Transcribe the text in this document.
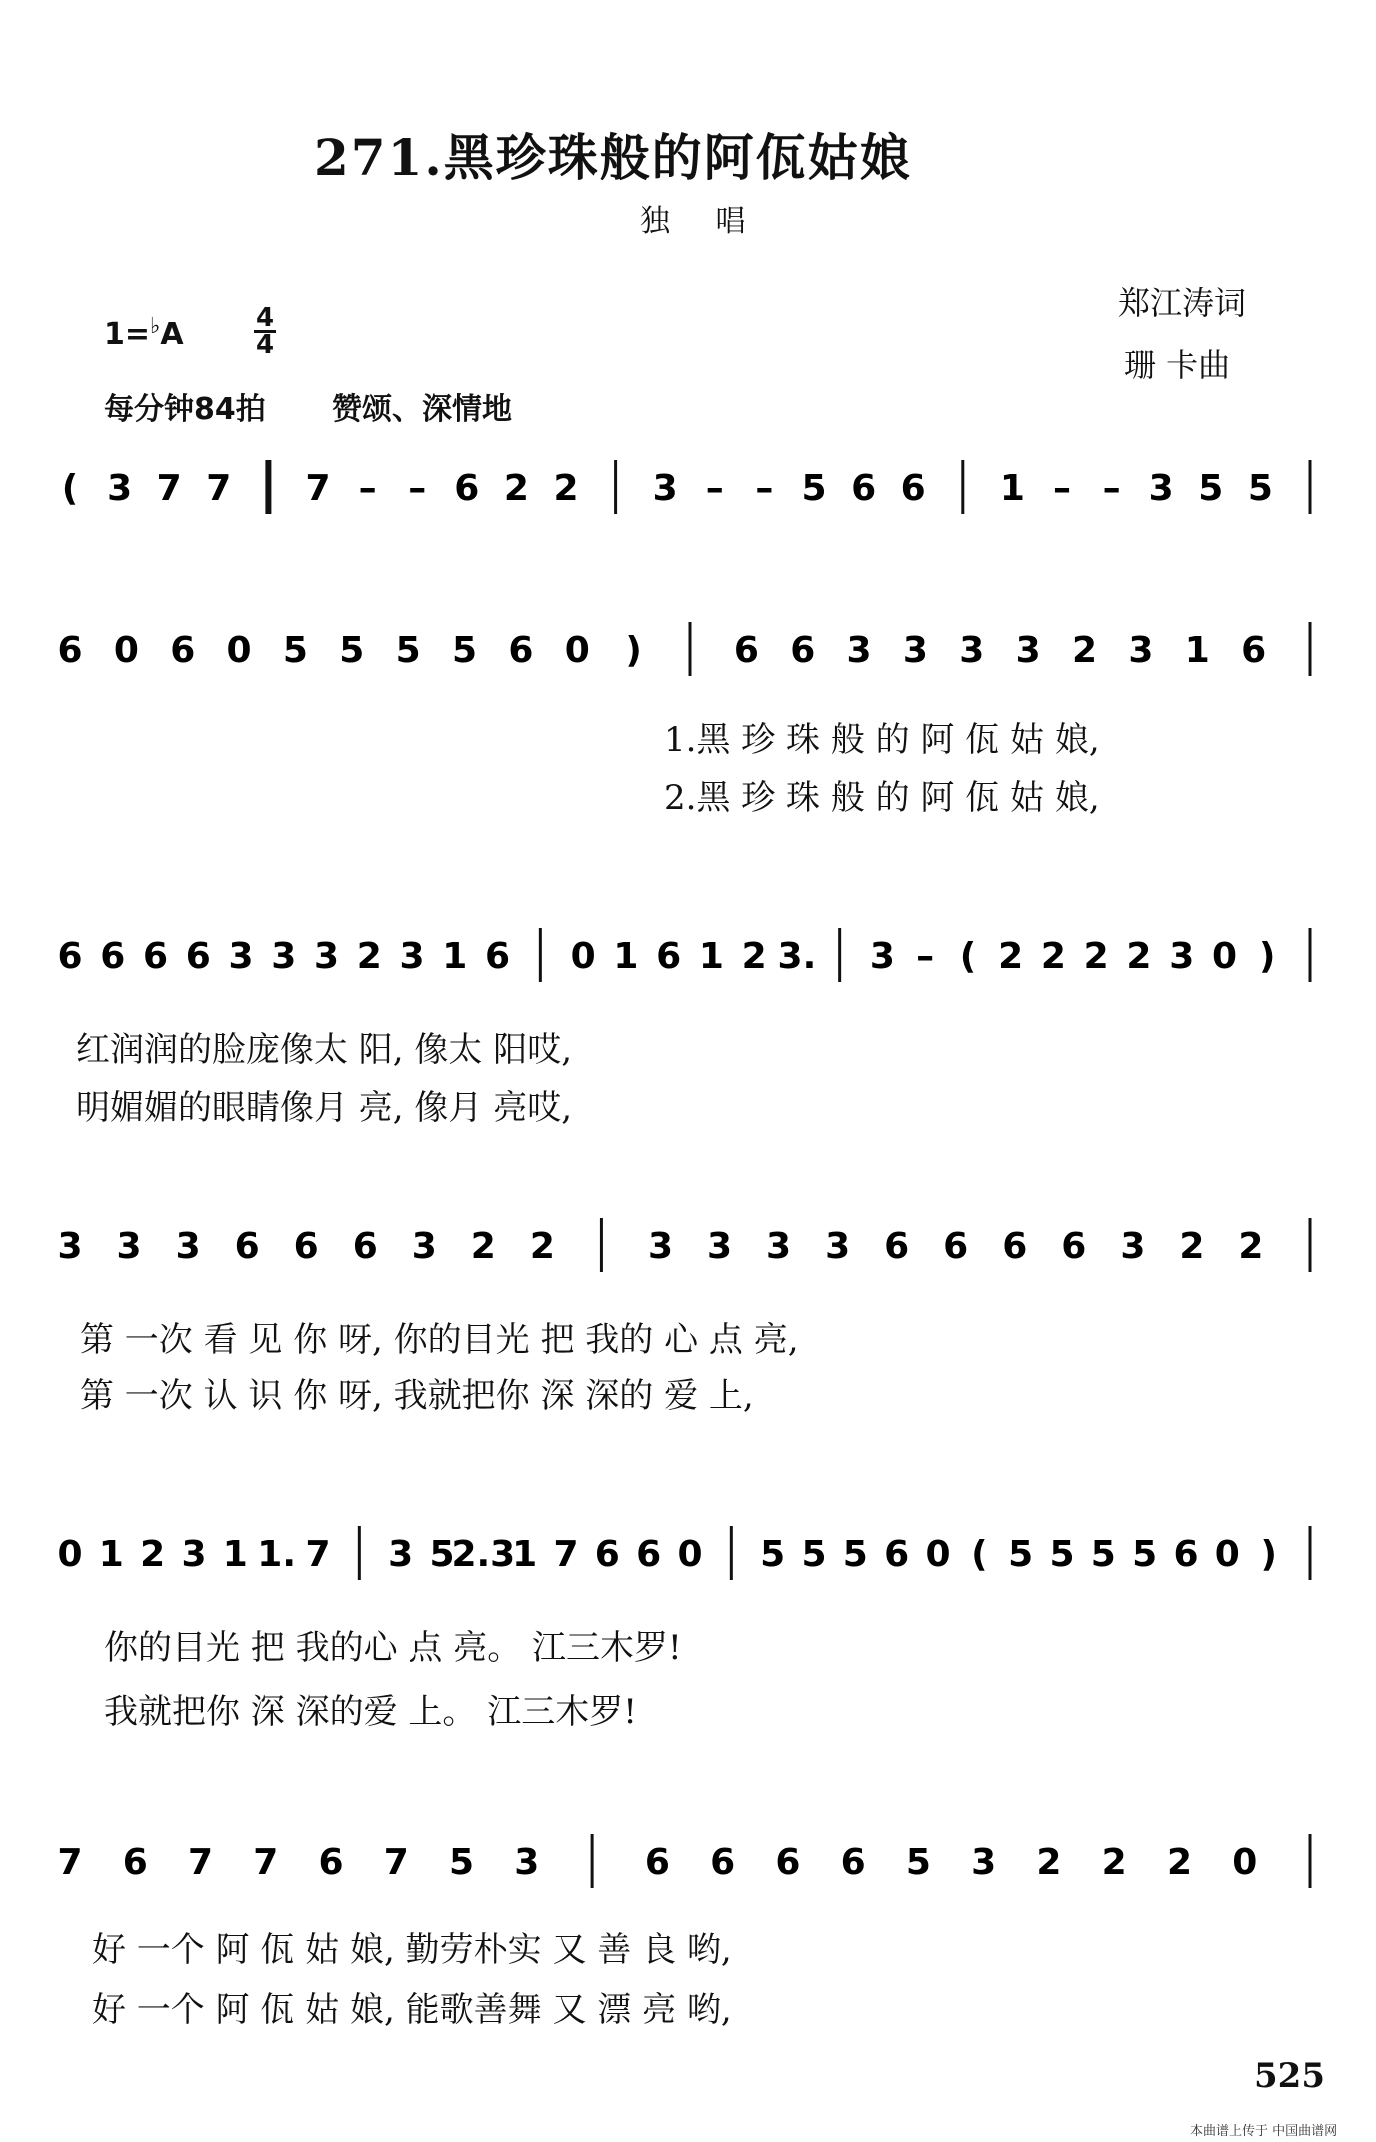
271.黑珍珠般的阿佤姑娘
独 唱
郑江涛词
珊 卡曲
1=♭A	4
4
每分钟84拍 赞颂、深情地
( 3 7 7 7 – – 6 2 2 3 – – 5 6 6 1 – – 3 5 5
6 0 6 0 5 5 5 5 6 0 )	6 6 3 3 3 3 2 3 1 6
6 6 6 6 3 3 3 2 3 1 6 0 1 6 1 2 3. 3 – ( 2 2 2 2 3 0 )
3 3 3 6 6 6 3 2 2	3 3 3 3 6 6 6 6 3 2 2
0 1 2 3 1 1. 7 3 5
2.3
1 7 6 6 0 5 5 5 6 0 ( 5 5 5 5 6 0 )
7 6 7 7 6 7 5 3	6 6 6 6 5 3 2 2 2 0
1.黑 珍 珠 般 的 阿 佤 姑 娘,
2.黑 珍 珠 般 的 阿 佤 姑 娘,
红润润的脸庞像太 阳, 像太 阳哎,
明媚媚的眼睛像月 亮, 像月 亮哎,
第 一次 看 见 你 呀, 你的目光 把 我的 心 点 亮,
第 一次 认 识 你 呀, 我就把你 深 深的 爱 上,
你的目光 把 我的心 点 亮。 江三木罗!
我就把你 深 深的爱 上。 江三木罗!
好 一个 阿 佤 姑 娘, 勤劳朴实 又 善 良 哟,
好 一个 阿 佤 姑 娘, 能歌善舞 又 漂 亮 哟,
525
本曲谱上传于 中国曲谱网
